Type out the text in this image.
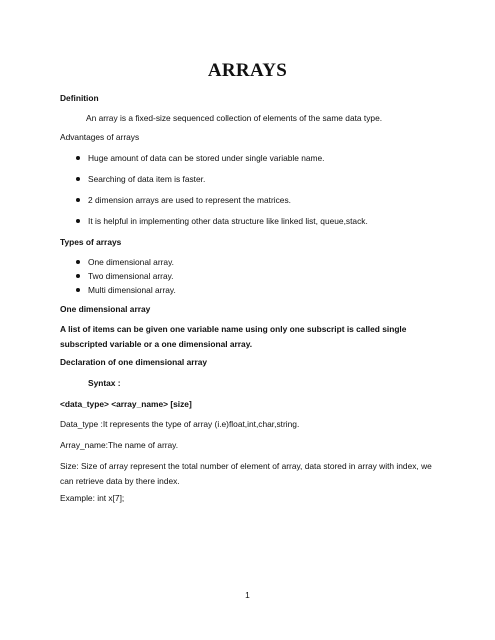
ARRAYS
Definition
An array is a fixed-size sequenced collection of elements of the same data type.
Advantages of arrays
Huge amount of data can be stored under single variable name.
Searching of data item is faster.
2 dimension arrays are used to represent the matrices.
It is helpful in implementing other data structure like linked list, queue,stack.
Types of arrays
One dimensional array.
Two dimensional array.
Multi dimensional array.
One dimensional array
A list of items can be given one variable name using only one subscript is called single subscripted variable or a one dimensional array.
Declaration of one dimensional array
Syntax :
<data_type> <array_name> [size]
Data_type :It represents the type of array (i.e)float,int,char,string.
Array_name:The name of array.
Size: Size of array represent the total number of element of array, data stored in array with index, we can retrieve data by there index.
Example: int x[7];
1
